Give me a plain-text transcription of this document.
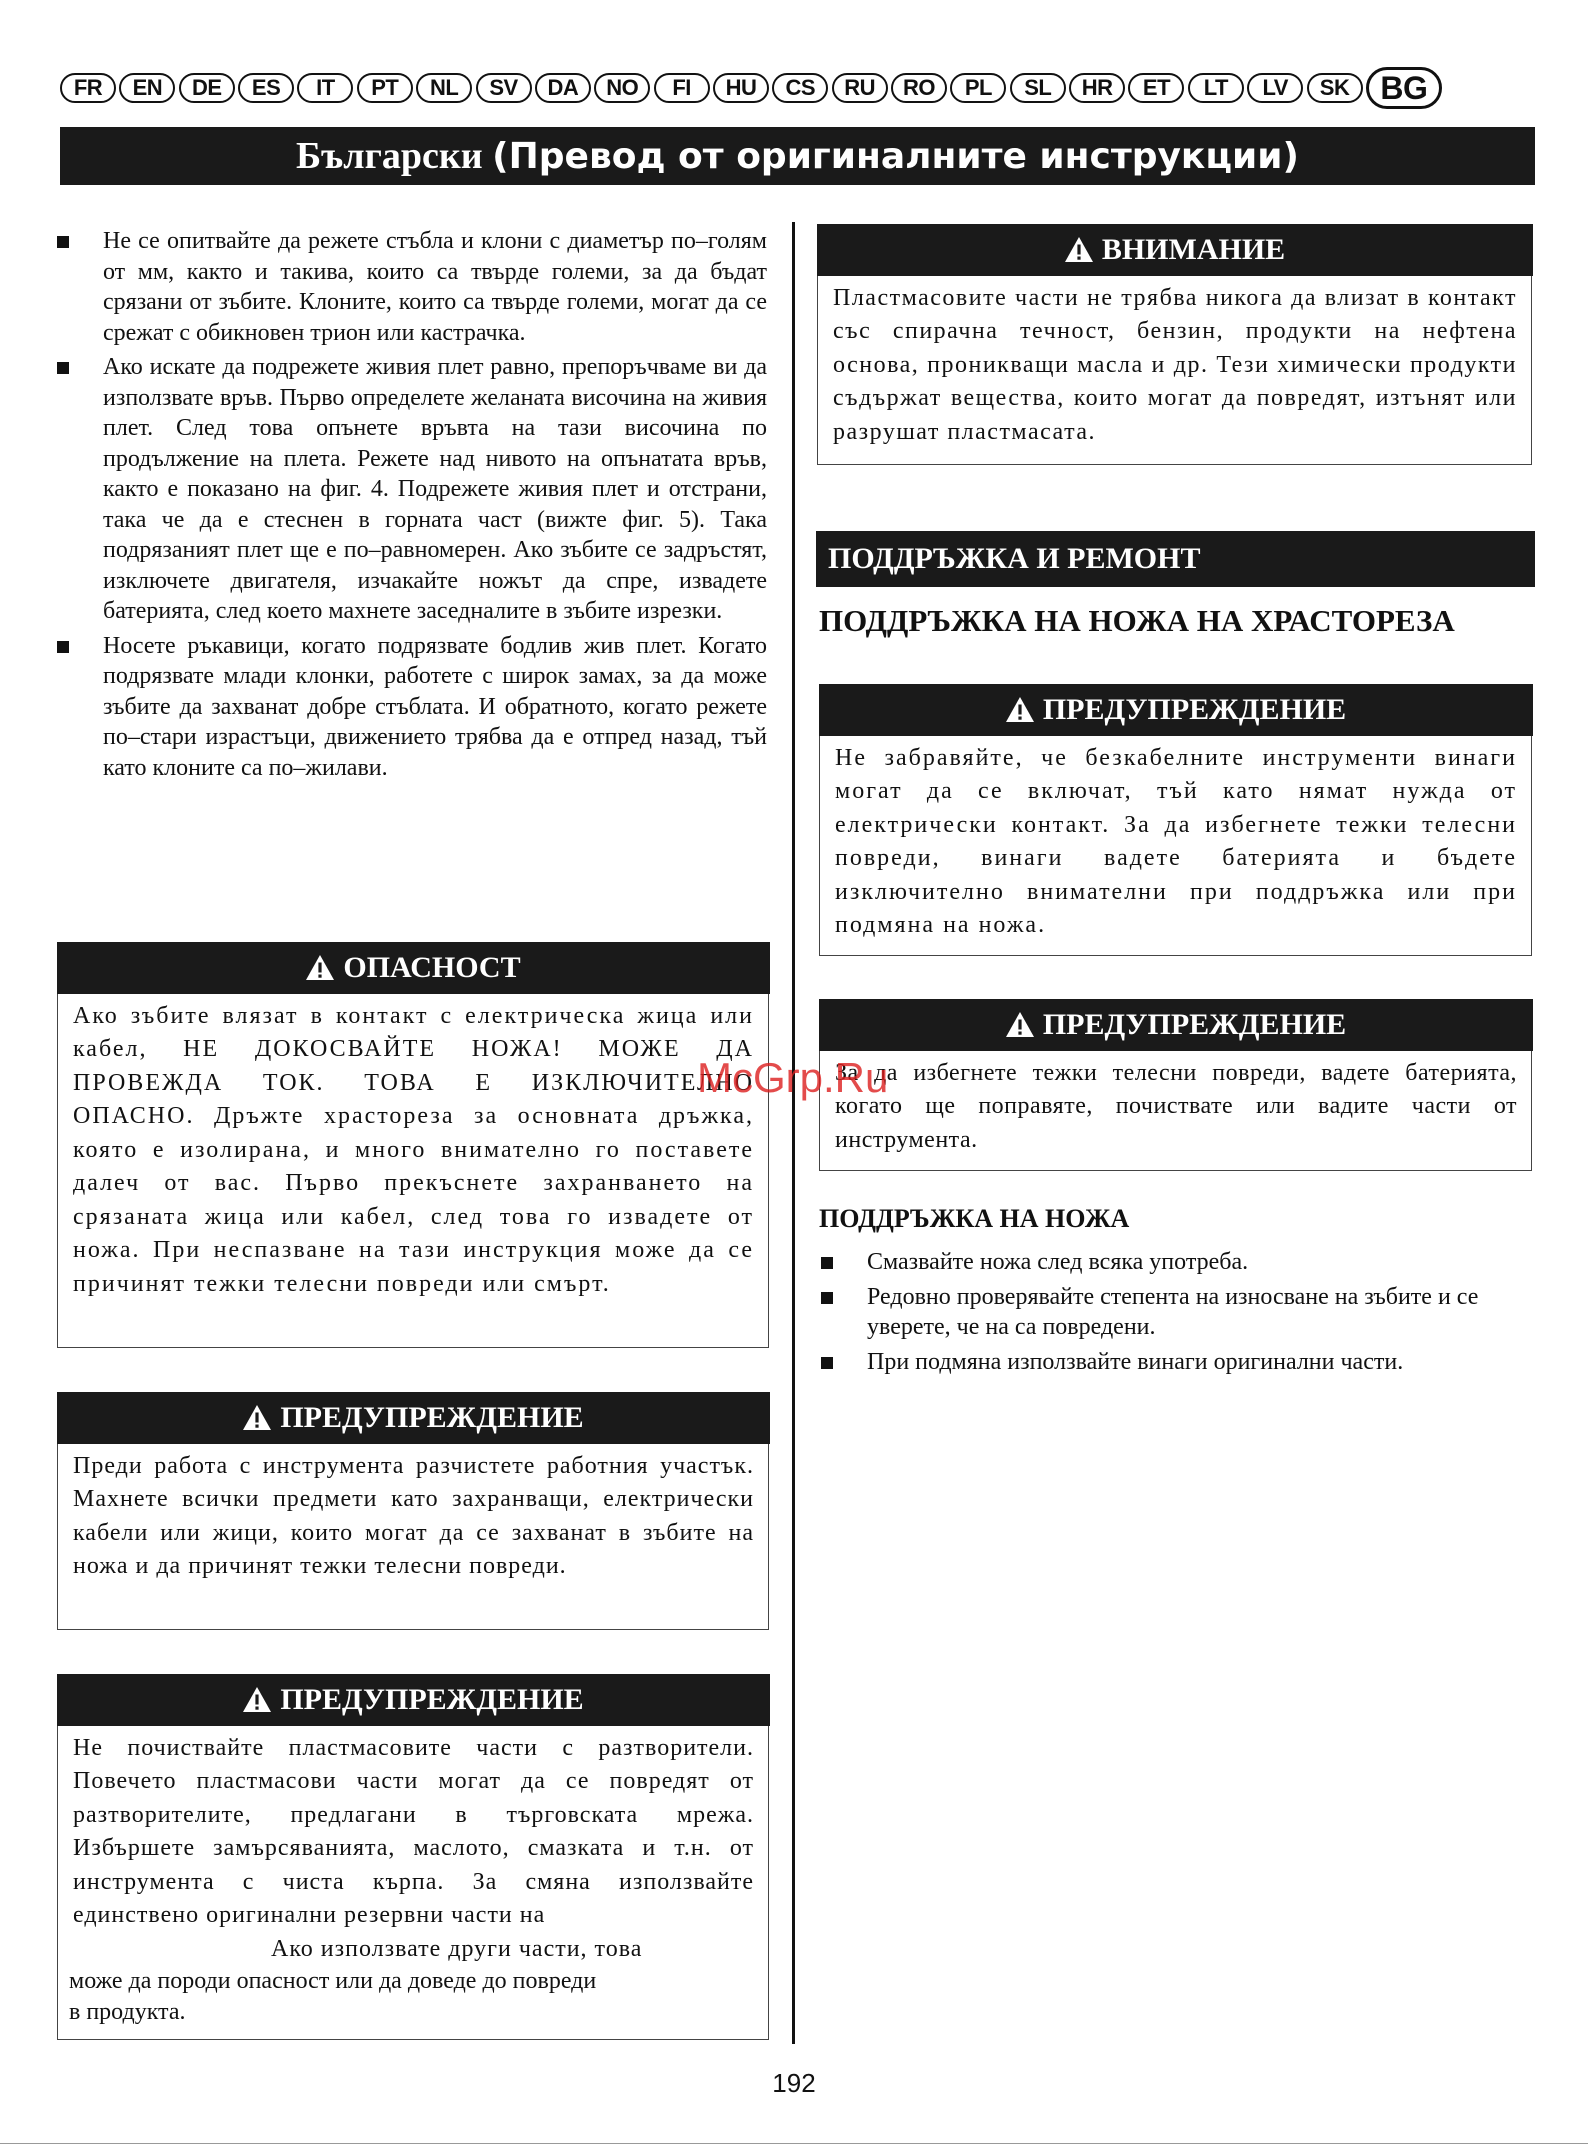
FR	EN	DE	ES	IT	PT	NL	SV	DA	NO	FI	HU	CS	RU	RO	PL	SL	HR	ET	LT	LV	SK BG
Български
(Превод от оригиналните инструкции)
Не се опитвайте да режете стъбла и клони с диаметър по–голям от мм, както и такива, които са твърде големи, за да бъдат срязани от зъбите. Клоните, които са твърде големи, могат да се срежат с обикновен трион или кастрачка.
Ако искате да подрежете живия плет равно, препоръчваме ви да използвате връв. Първо определете желаната височина на живия плет. След това опънете връвта на тази височина по продължение на плета. Режете над нивото на опънатата връв, както е показано на фиг. 4. Подрежете живия плет и отстрани, така че да е стеснен в горната част (вижте фиг. 5). Така подрязаният плет ще е по–равномерен. Ако зъбите се задръстят, изключете двигателя, изчакайте ножът да спре, извадете батерията, след което махнете заседналите в зъбите изрезки.
Носете ръкавици, когато подрязвате бодлив жив плет. Когато подрязвате млади клонки, работете с широк замах, за да може зъбите да захванат добре стъблата. И обратното, когато режете по–стари израстъци, движението трябва да е отпред назад, тъй като клоните са по–жилави.
ОПАСНОСТ
Ако зъбите влязат в контакт с електрическа жица или кабел, НЕ ДОКОСВАЙТЕ НОЖА! МОЖЕ ДА ПРОВЕЖДА ТОК. ТОВА Е ИЗКЛЮЧИТЕЛНО ОПАСНО. Дръжте храстореза за основната дръжка, която е изолирана, и много внимателно го поставете далеч от вас. Първо прекъснете захранването на срязаната жица или кабел, след това го извадете от ножа. При неспазване на тази инструкция може да се причинят тежки телесни повреди или смърт.
ПРЕДУПРЕЖДЕНИЕ
Преди работа с инструмента разчистете работния участък. Махнете всички предмети като захранващи, електрически кабели или жици, които могат да се захванат в зъбите на ножа и да причинят тежки телесни повреди.
ПРЕДУПРЕЖДЕНИЕ
Не почиствайте пластмасовите части с разтворители. Повечето пластмасови части могат да се повредят от разтворителите, предлагани в търговската мрежа. Избършете замърсяванията, маслото, смазката и т.н. от инструмента с чиста кърпа. За смяна използвайте единствено оригинални резервни части на
Ако използвате други части, това
може да породи опасност или да доведе до повреди
в продукта.
ВНИМАНИЕ
Пластмасовите части не трябва никога да влизат в контакт със спирачна течност, бензин, продукти на нефтена основа, проникващи масла и др. Тези химически продукти съдържат вещества, които могат да повредят, изтънят или разрушат пластмасата.
ПОДДРЪЖКА И РЕМОНТ
ПОДДРЪЖКА НА НОЖА НА ХРАСТОРЕЗА
ПРЕДУПРЕЖДЕНИЕ
Не забравяйте, че безкабелните инструменти винаги могат да се включат, тъй като нямат нужда от електрически контакт. За да избегнете тежки телесни повреди, винаги вадете батерията и бъдете изключително внимателни при поддръжка или при подмяна на ножа.
ПРЕДУПРЕЖДЕНИЕ
За да избегнете тежки телесни повреди, вадете батерията, когато ще поправяте, почиствате или вадите части от инструмента.
ПОДДРЪЖКА НА НОЖА
Смазвайте ножа след всяка употреба.
Редовно проверявайте степента на износване на зъбите и се уверете, че на са повредени.
При подмяна използвайте винаги оригинални части.
McGrp.Ru
192
